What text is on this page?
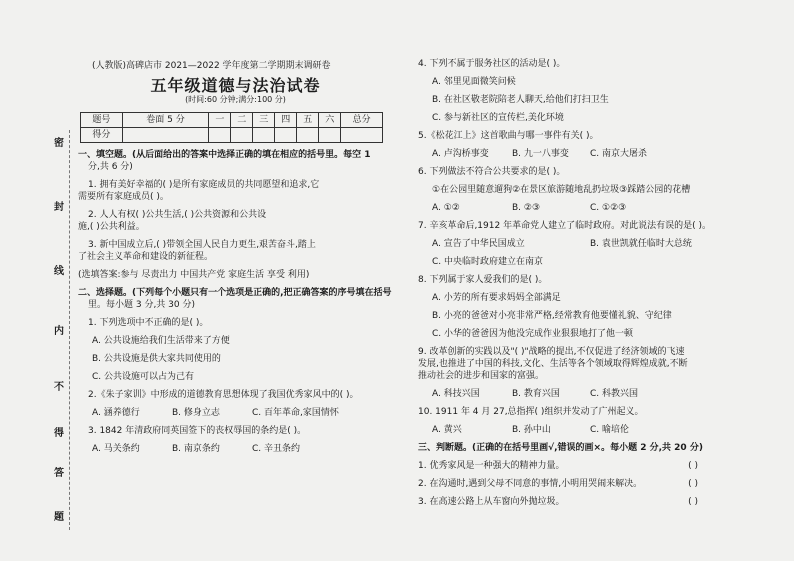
密
封
线
内
不
得
答
题
(人教版)高碑店市 2021—2022 学年度第二学期期末调研卷
五年级道德与法治试卷
(时间:60 分钟;满分:100 分)
题号	卷面 5 分	一	二	三	四	五	六	总分
得分								
一、填空题。(从后面给出的答案中选择正确的填在相应的括号里。每空 1
分,共 6 分)
1. 拥有美好幸福的( )是所有家庭成员的共同愿望和追求,它
需要所有家庭成员( )。
2. 人人有权( )公共生活,( )公共资源和公共设
施,( )公共利益。
3. 新中国成立后,( )带领全国人民自力更生,艰苦奋斗,踏上
了社会主义革命和建设的新征程。
(选填答案:参与 尽责出力 中国共产党 家庭生活 享受 利用)
二、选择题。(下列每个小题只有一个选项是正确的,把正确答案的序号填在括号
里。每小题 3 分,共 30 分)
1. 下列选项中不正确的是( )。
A. 公共设施给我们生活带来了方便
B. 公共设施是供大家共同使用的
C. 公共设施可以占为己有
2.《朱子家训》中形成的道德教育思想体现了我国优秀家风中的( )。
A. 涵养德行	B. 修身立志	C. 百年革命,家国情怀
3. 1842 年清政府同英国签下的丧权辱国的条约是( )。
A. 马关条约	B. 南京条约	C. 辛丑条约
4. 下列不属于服务社区的活动是( )。
A. 邻里见面微笑问候
B. 在社区敬老院陪老人聊天,给他们打扫卫生
C. 参与新社区的宣传栏,美化环境
5.《松花江上》这首歌曲与哪一事件有关( )。
A. 卢沟桥事变	B. 九一八事变	C. 南京大屠杀
6. 下列做法不符合公共要求的是( )。
①在公园里随意遛狗②在景区旅游随地乱扔垃圾③踩踏公园的花槽
A. ①②	B. ②③	C. ①②③
7. 辛亥革命后,1912 年革命党人建立了临时政府。对此说法有误的是( )。
A. 宣告了中华民国成立	B. 袁世凯就任临时大总统
C. 中央临时政府建立在南京
8. 下列属于家人爱我们的是( )。
A. 小芳的所有要求妈妈全部满足
B. 小亮的爸爸对小亮非常严格,经常教育他要懂礼貌、守纪律
C. 小华的爸爸因为他没完成作业狠狠地打了他一顿
9. 改革创新的实践以及"( )"战略的提出,不仅促进了经济领域的飞速
发展,也推进了中国的科技,文化、生活等各个领域取得辉煌成就,不断
推动社会的进步和国家的富强。
A. 科技兴国	B. 教育兴国	C. 科教兴国
10. 1911 年 4 月 27,总指挥( )组织并发动了广州起义。
A. 黄兴	B. 孙中山	C. 喻培伦
三、判断题。(正确的在括号里画√,错误的画×。每小题 2 分,共 20 分)
1. 优秀家风是一种强大的精神力量。	( )
2. 在沟通时,遇到父母不同意的事情,小明用哭闹来解决。	( )
3. 在高速公路上从车窗向外抛垃圾。	( )
